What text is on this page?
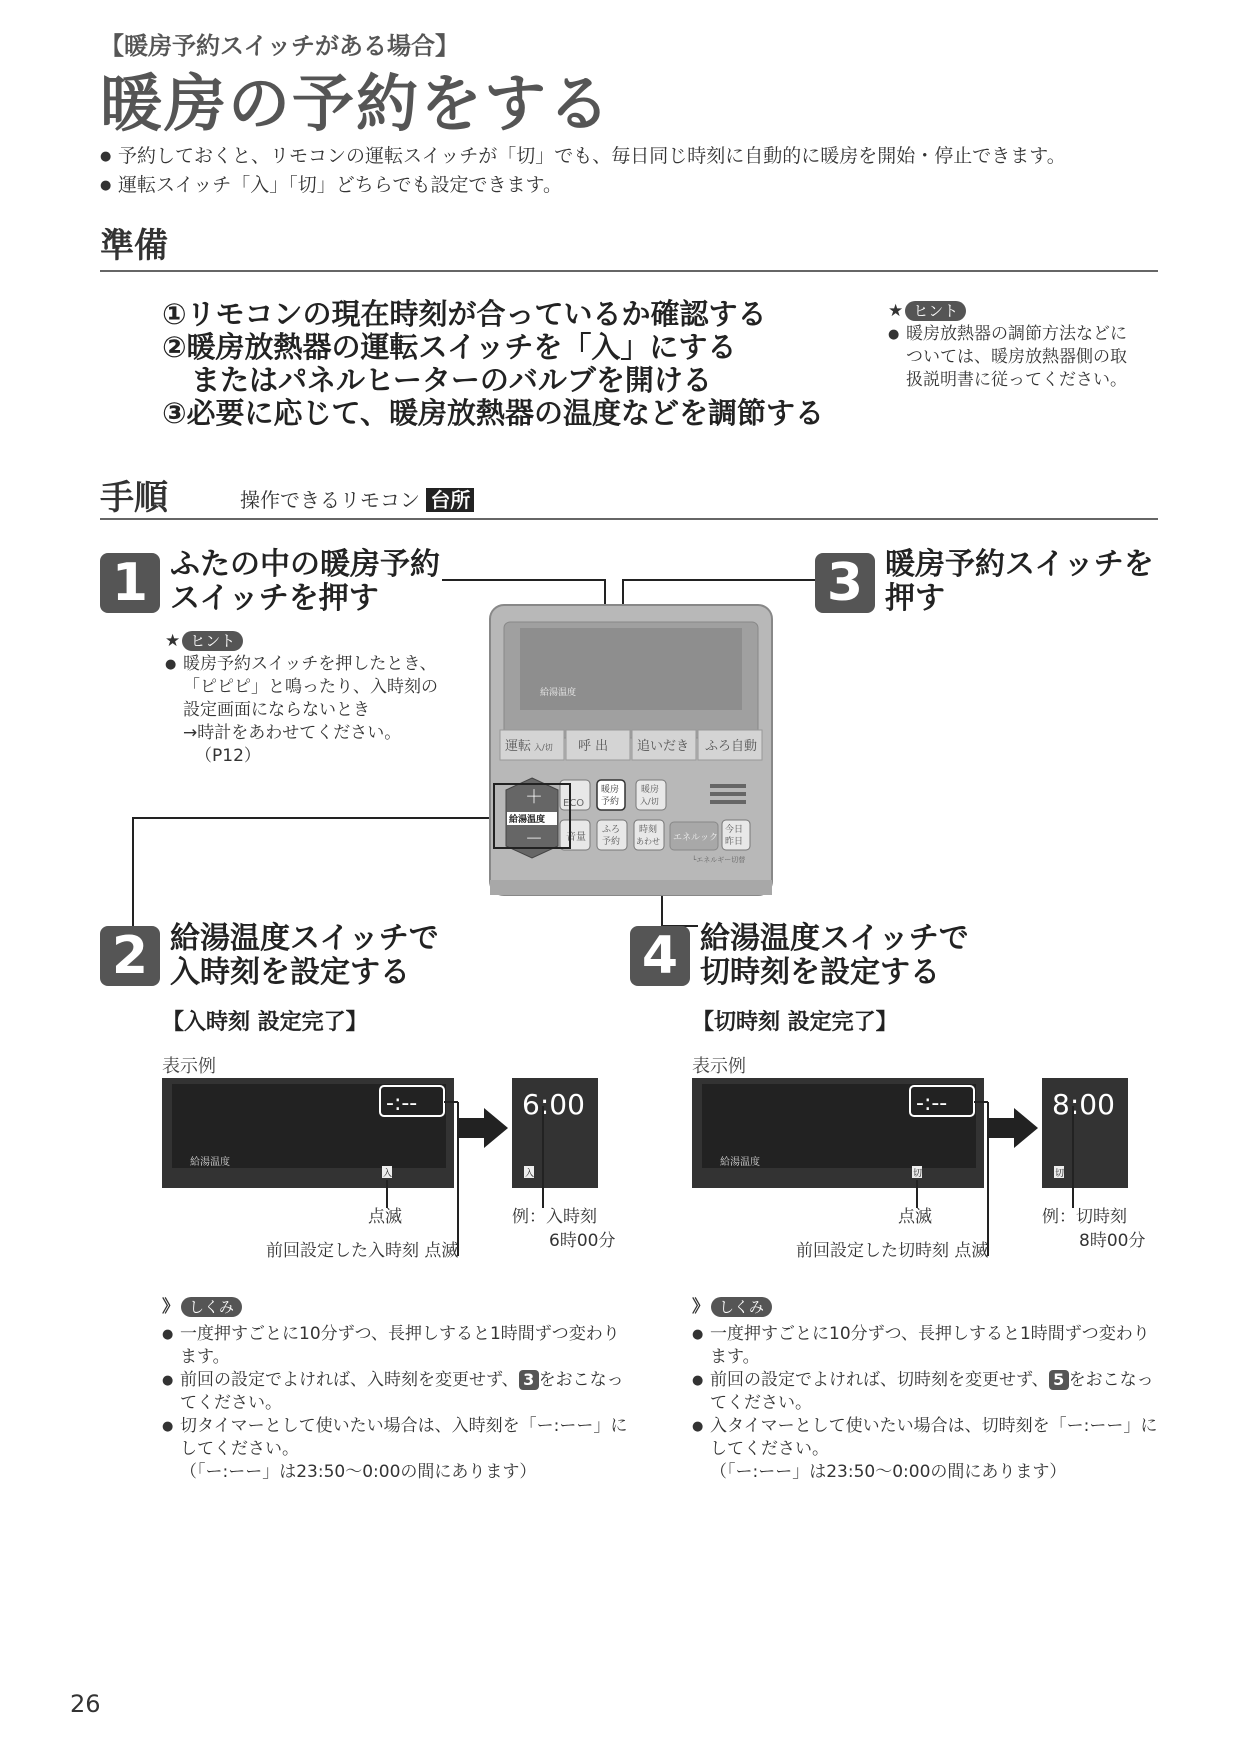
【暖房予約スイッチがある場合】
暖房の予約をする
● 予約しておくと、リモコンの運転スイッチが「切」でも、毎日同じ時刻に自動的に暖房を開始・停止できます。
● 運転スイッチ「入」「切」どちらでも設定できます。
準備
①リモコンの現在時刻が合っているか確認する
②暖房放熱器の運転スイッチを「入」にする
　またはパネルヒーターのバルブを開ける
③必要に応じて、暖房放熱器の温度などを調節する
★ ヒント
● 暖房放熱器の調節方法などに
ついては、暖房放熱器側の取
扱説明書に従ってください。
手順	操作できるリモコン 台所
1 ふたの中の暖房予約
スイッチを押す	3 暖房予約スイッチを
押す
★ ヒント
● 暖房予約スイッチを押したとき、
「ピピピ」と鳴ったり、入時刻の
設定画面にならないとき
→時計をあわせてください。
（P12）
給湯温度
運転 入/切 呼 出 追いだき ふろ自動
ECO
暖房
予約
暖房
入/切
音量
ふろ
予約
時刻
あわせ エネルック
今日
昨日
└エネルギー切替
＋
－
給湯温度
2 給湯温度スイッチで
入時刻を設定する	4 給湯温度スイッチで
切時刻を設定する
【入時刻 設定完了】
表示例
給湯温度
-:--
入
6:00
入
点滅
前回設定した入時刻 点滅
例：入時刻
6時00分
》 しくみ
● 一度押すごとに10分ずつ、長押しすると1時間ずつ変わります。
● 前回の設定でよければ、入時刻を変更せず、 3 をおこなってください。
● 切タイマーとして使いたい場合は、入時刻を「ー:ーー」にしてください。
（「ー:ーー」は23:50〜0:00の間にあります）
【切時刻 設定完了】
表示例
給湯温度
-:--
切
8:00
切
点滅
前回設定した切時刻 点滅
例：切時刻
8時00分
》 しくみ
● 一度押すごとに10分ずつ、長押しすると1時間ずつ変わります。
● 前回の設定でよければ、切時刻を変更せず、 5 をおこなってください。
● 入タイマーとして使いたい場合は、切時刻を「ー:ーー」にしてください。
（「ー:ーー」は23:50〜0:00の間にあります）
26
